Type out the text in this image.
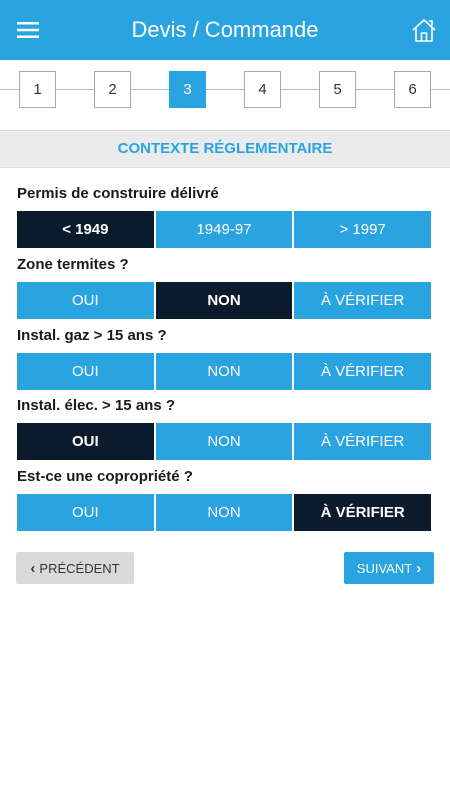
Devis / Commande
1	2	3	4	5	6
CONTEXTE RÉGLEMENTAIRE
Permis de construire délivré
< 1949	1949-97	> 1997
Zone termites ?
OUI	NON	À VÉRIFIER
Instal. gaz > 15 ans ?
OUI	NON	À VÉRIFIER
Instal. élec. > 15 ans ?
OUI	NON	À VÉRIFIER
Est-ce une copropriété ?
OUI	NON	À VÉRIFIER
‹ PRÉCÉDENT	SUIVANT ›
